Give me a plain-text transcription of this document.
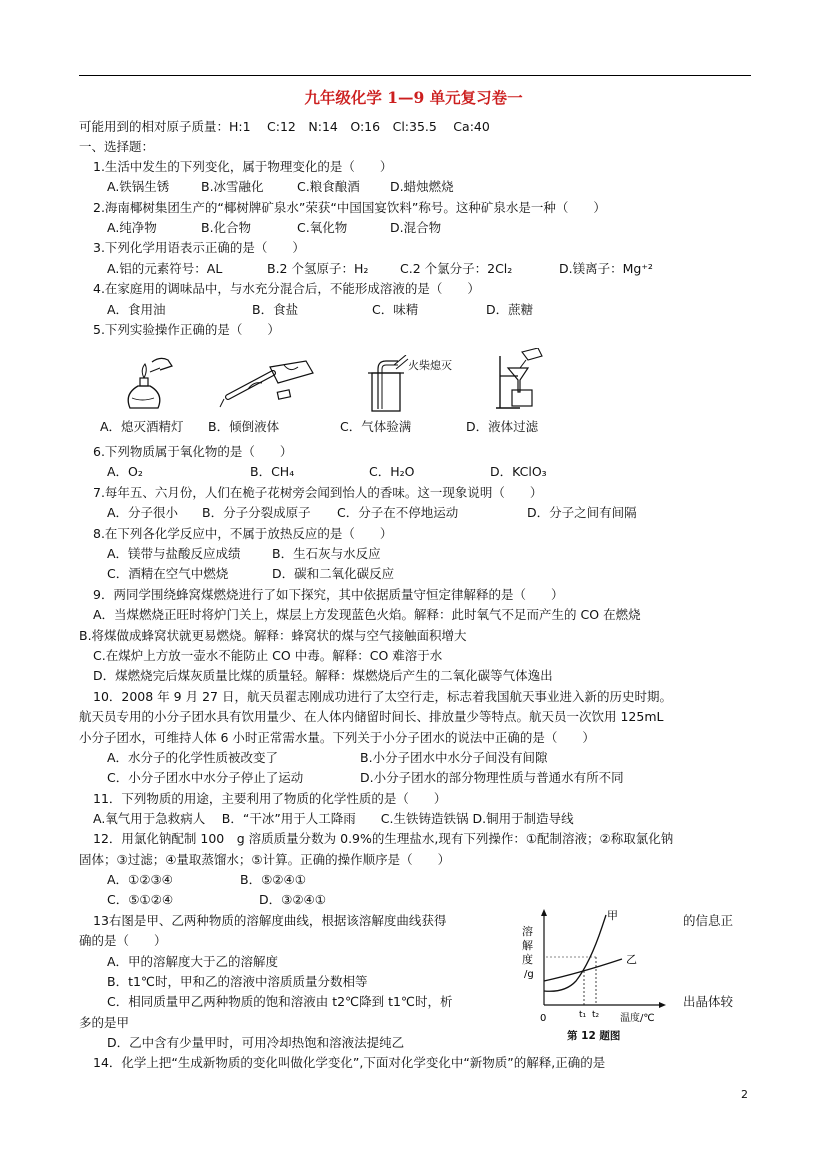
九年级化学 1—9 单元复习卷一
可能用到的相对原子质量：H:1　 C:12　N:14　O:16　Cl:35.5　 Ca:40
一、选择题：
1.生活中发生的下列变化，属于物理变化的是（　　）
A.铁锅生锈	B.冰雪融化	C.粮食酿酒 D.蜡烛燃烧
2.海南椰树集团生产的“椰树牌矿泉水”荣获“中国国宴饮料”称号。这种矿泉水是一种（　　）
A.纯净物	B.化合物	C.氧化物	D.混合物
3.下列化学用语表示正确的是（　　）
A.铝的元素符号：AL	B.2 个氢原子：H₂	C.2 个氯分子：2Cl₂	D.镁离子：Mg⁺²
4.在家庭用的调味品中，与水充分混合后，不能形成溶液的是（　　）
A．食用油	B．食盐	C．味精	D．蔗糖
5.下列实验操作正确的是（　　）
火柴熄灭
A．熄灭酒精灯 B．倾倒液体	C．气体验满	D．液体过滤
6.下列物质属于氧化物的是（　　）
A．O₂	B．CH₄	C．H₂O	D．KClO₃
7.每年五、六月份，人们在桅子花树旁会闻到怡人的香味。这一现象说明（　　）
A．分子很小 B．分子分裂成原子 C．分子在不停地运动	D．分子之间有间隔
8.在下列各化学反应中，不属于放热反应的是（　　）
A．镁带与盐酸反应成绩	B．生石灰与水反应
C．酒精在空气中燃烧	D．碳和二氧化碳反应
9．两同学围绕蜂窝煤燃烧进行了如下探究，其中依据质量守恒定律解释的是（　　）
A．当煤燃烧正旺时将炉门关上，煤层上方发现蓝色火焰。解释：此时氧气不足而产生的 CO 在燃烧
B.将煤做成蜂窝状就更易燃烧。解释：蜂窝状的煤与空气接触面积增大
C.在煤炉上方放一壶水不能防止 CO 中毒。解释：CO 难溶于水
D．煤燃烧完后煤灰质量比煤的质量轻。解释：煤燃烧后产生的二氧化碳等气体逸出
10．2008 年 9 月 27 日，航天员翟志刚成功进行了太空行走，标志着我国航天事业进入新的历史时期。
航天员专用的小分子团水具有饮用量少、在人体内储留时间长、排放量少等特点。航天员一次饮用 125mL
小分子团水，可维持人体 6 小时正常需水量。下列关于小分子团水的说法中正确的是（　　）
A．水分子的化学性质被改变了	B.小分子团水中水分子间没有间隙
C．小分子团水中水分子停止了运动	D.小分子团水的部分物理性质与普通水有所不同
11．下列物质的用途，主要利用了物质的化学性质的是（　　）
A.氧气用于急救病人　 B．“干冰”用于人工降雨　　C.生铁铸造铁锅 D.铜用于制造导线
12．用氯化钠配制 100　g 溶质质量分数为 0.9%的生理盐水,现有下列操作：①配制溶液；②称取氯化钠
固体；③过滤；④量取蒸馏水；⑤计算。正确的操作顺序是（　　）
A．①②③④	B．⑤②④①
C．⑤①②④	D．③②④①
13右图是甲、乙两种物质的溶解度曲线，根据该溶解度曲线获得	的信息正
确的是（　　）
A．甲的溶解度大于乙的溶解度
B．t1℃时，甲和乙的溶液中溶质质量分数相等
C．相同质量甲乙两种物质的饱和溶液由 t2℃降到 t1℃时，析	出晶体较
多的是甲
D．乙中含有少量甲时，可用冷却热饱和溶液法提纯乙
溶
解
度
/g
甲
乙
0	t₁ t₂ 温度/℃
第 12 题图
14．化学上把“生成新物质的变化叫做化学变化”,下面对化学变化中“新物质”的解释,正确的是
2
